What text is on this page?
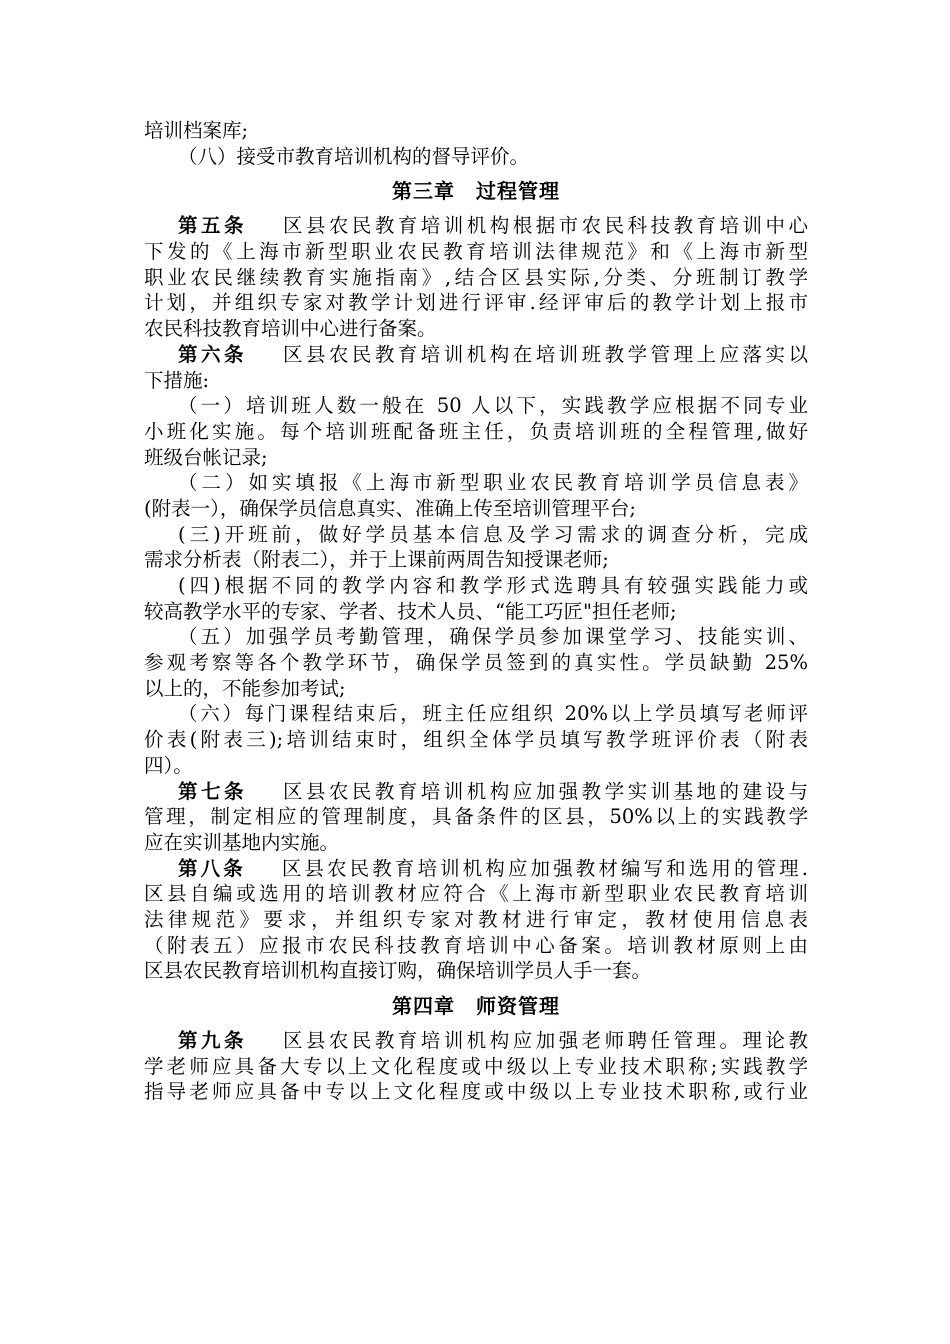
培训档案库;
（八）接受市教育培训机构的督导评价。
第三章　过程管理
第五条 区县农民教育培训机构根据市农民科技教育培训中心
下发的《上海市新型职业农民教育培训法律规范》和《上海市新型
职业农民继续教育实施指南》,结合区县实际,分类、分班制订教学
计划，并组织专家对教学计划进行评审.经评审后的教学计划上报市
农民科技教育培训中心进行备案。
第六条 区县农民教育培训机构在培训班教学管理上应落实以
下措施:
（一）培训班人数一般在 50 人以下，实践教学应根据不同专业
小班化实施。每个培训班配备班主任，负责培训班的全程管理,做好
班级台帐记录;
（二）如实填报《上海市新型职业农民教育培训学员信息表》
(附表一），确保学员信息真实、准确上传至培训管理平台;
(三)开班前，做好学员基本信息及学习需求的调查分析，完成
需求分析表（附表二），并于上课前两周告知授课老师;
(四)根据不同的教学内容和教学形式选聘具有较强实践能力或
较高教学水平的专家、学者、技术人员、“能工巧匠"担任老师;
（五）加强学员考勤管理，确保学员参加课堂学习、技能实训、
参观考察等各个教学环节，确保学员签到的真实性。学员缺勤 25%
以上的，不能参加考试;
（六）每门课程结束后，班主任应组织 20%以上学员填写老师评
价表(附表三);培训结束时，组织全体学员填写教学班评价表（附表
四）。
第七条 区县农民教育培训机构应加强教学实训基地的建设与
管理，制定相应的管理制度，具备条件的区县，50%以上的实践教学
应在实训基地内实施。
第八条 区县农民教育培训机构应加强教材编写和选用的管理.
区县自编或选用的培训教材应符合《上海市新型职业农民教育培训
法律规范》要求，并组织专家对教材进行审定，教材使用信息表
（附表五）应报市农民科技教育培训中心备案。培训教材原则上由
区县农民教育培训机构直接订购，确保培训学员人手一套。
第四章　师资管理
第九条 区县农民教育培训机构应加强老师聘任管理。理论教
学老师应具备大专以上文化程度或中级以上专业技术职称;实践教学
指导老师应具备中专以上文化程度或中级以上专业技术职称,或行业
